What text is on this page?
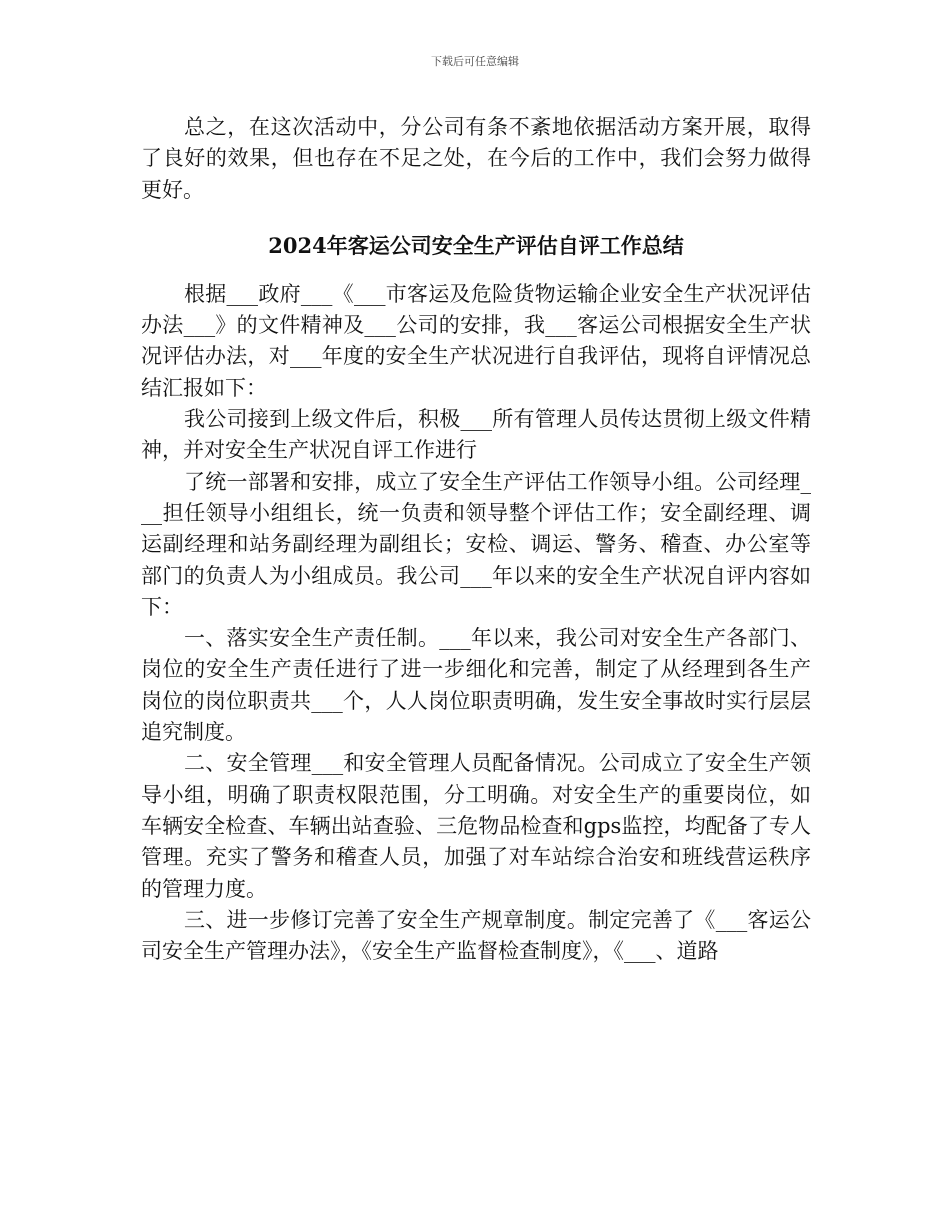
下载后可任意编辑

总之，在这次活动中，分公司有条不紊地依据活动方案开展，取得了良好的效果，但也存在不足之处，在今后的工作中，我们会努力做得更好。

2024年客运公司安全生产评估自评工作总结

根据___政府___《___市客运及危险货物运输企业安全生产状况评估办法___》的文件精神及___公司的安排，我___客运公司根据安全生产状况评估办法，对___年度的安全生产状况进行自我评估，现将自评情况总结汇报如下：

我公司接到上级文件后，积极___所有管理人员传达贯彻上级文件精神，并对安全生产状况自评工作进行

了统一部署和安排，成立了安全生产评估工作领导小组。公司经理___担任领导小组组长，统一负责和领导整个评估工作；安全副经理、调运副经理和站务副经理为副组长；安检、调运、警务、稽查、办公室等部门的负责人为小组成员。我公司___年以来的安全生产状况自评内容如下：

一、落实安全生产责任制。___年以来，我公司对安全生产各部门、岗位的安全生产责任进行了进一步细化和完善，制定了从经理到各生产岗位的岗位职责共___个，人人岗位职责明确，发生安全事故时实行层层追究制度。

二、安全管理___和安全管理人员配备情况。公司成立了安全生产领导小组，明确了职责权限范围，分工明确。对安全生产的重要岗位，如车辆安全检查、车辆出站查验、三危物品检查和gps监控，均配备了专人管理。充实了警务和稽查人员，加强了对车站综合治安和班线营运秩序的管理力度。

三、进一步修订完善了安全生产规章制度。制定完善了《___客运公司安全生产管理办法》，《安全生产监督检查制度》，《___、道路
